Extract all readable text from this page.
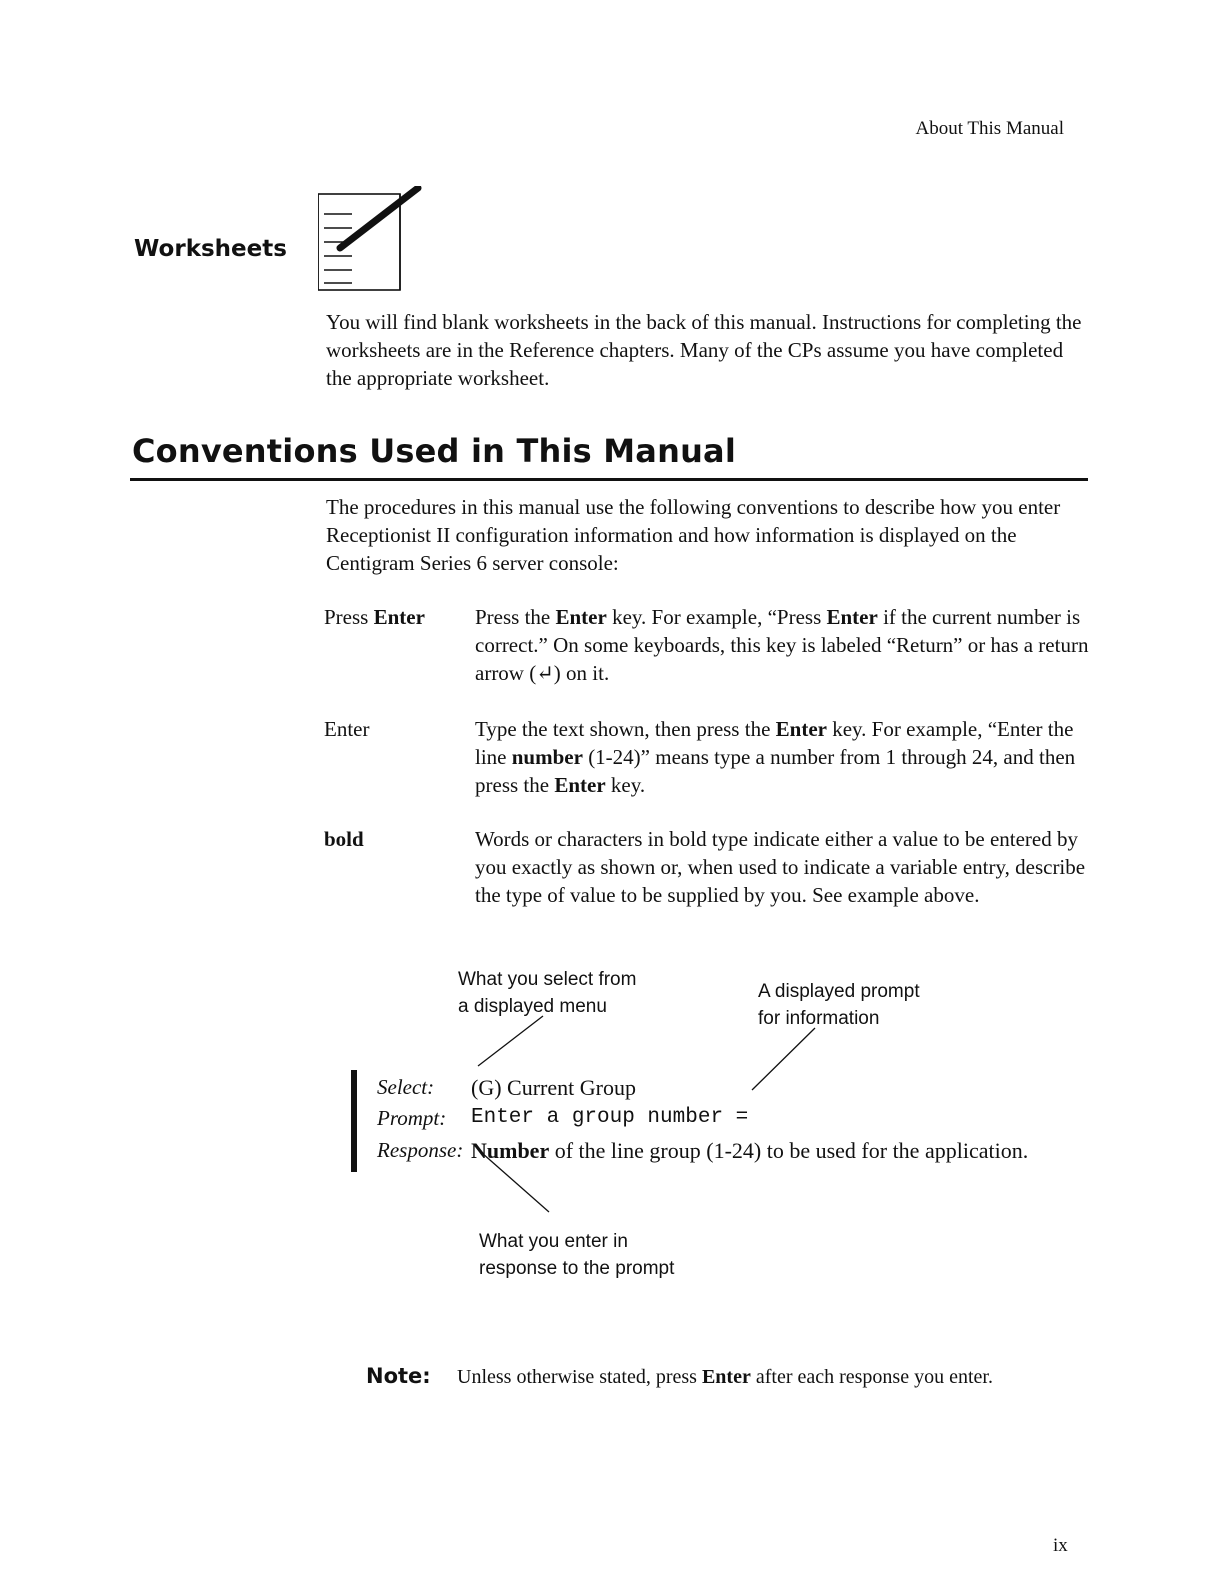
About This Manual
Worksheets
You will find blank worksheets in the back of this manual. Instructions for completing the worksheets are in the Reference chapters. Many of the CPs assume you have completed the appropriate worksheet.
Conventions Used in This Manual
The procedures in this manual use the following conventions to describe how you enter Receptionist II configuration information and how information is displayed on the Centigram Series 6 server console:
Press Enter Press the Enter key. For example, “Press Enter if the current number is correct.” On some keyboards, this key is labeled “Return” or has a return arrow (↵) on it.
Enter	Type the text shown, then press the Enter key. For example, “Enter the line number (1-24)” means type a number from 1 through 24, and then press the Enter key.
bold	Words or characters in bold type indicate either a value to be entered by you exactly as shown or, when used to indicate a variable entry, describe the type of value to be supplied by you. See example above.
What you select from
a displayed menu
A displayed prompt
for information
What you enter in
response to the prompt
Select: (G) Current Group
Prompt: Enter a group number =
Response: Number of the line group (1-24) to be used for the application.
Note: Unless otherwise stated, press Enter after each response you enter.
ix
